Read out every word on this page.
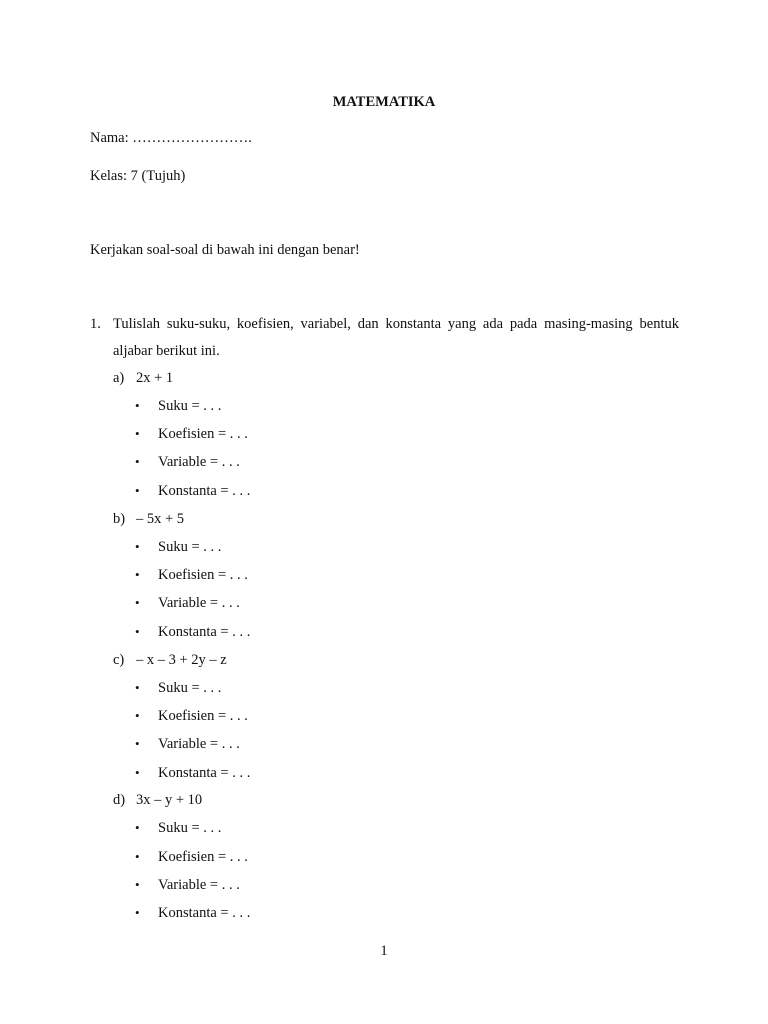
MATEMATIKA
Nama: …………………….
Kelas: 7 (Tujuh)
Kerjakan soal-soal di bawah ini dengan benar!
1. Tulislah suku-suku, koefisien, variabel, dan konstanta yang ada pada masing-masing bentuk
aljabar berikut ini.
a) 2x + 1
• Suku = . . .
• Koefisien = . . .
• Variable = . . .
• Konstanta = . . .
b) – 5x + 5
• Suku = . . .
• Koefisien = . . .
• Variable = . . .
• Konstanta = . . .
c) – x – 3 + 2y – z
• Suku = . . .
• Koefisien = . . .
• Variable = . . .
• Konstanta = . . .
d) 3x – y + 10
• Suku = . . .
• Koefisien = . . .
• Variable = . . .
• Konstanta = . . .
1
